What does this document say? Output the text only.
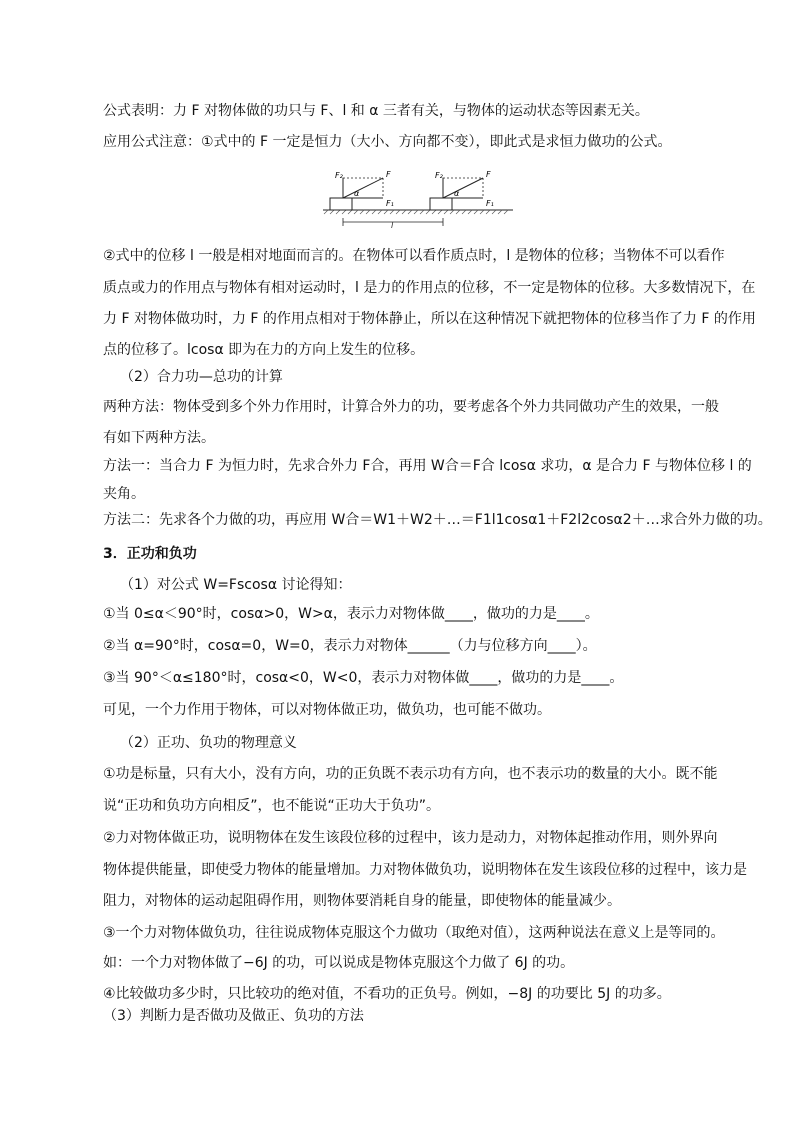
公式表明：力 F 对物体做的功只与 F、l 和 α 三者有关，与物体的运动状态等因素无关。
应用公式注意：①式中的 F 一定是恒力（大小、方向都不变），即此式是求恒力做功的公式。
F₂	F
F₁
α
F₂	F
F₁
α
l
②式中的位移 l 一般是相对地面而言的。在物体可以看作质点时，l 是物体的位移；当物体不可以看作
质点或力的作用点与物体有相对运动时，l 是力的作用点的位移，不一定是物体的位移。大多数情况下，在
力 F 对物体做功时，力 F 的作用点相对于物体静止，所以在这种情况下就把物体的位移当作了力 F 的作用
点的位移了。lcosα 即为在力的方向上发生的位移。
（2）合力功—总功的计算
两种方法：物体受到多个外力作用时，计算合外力的功，要考虑各个外力共同做功产生的效果，一般
有如下两种方法。
方法一：当合力 F 为恒力时，先求合外力 F合，再用 W合＝F合 lcosα 求功，α 是合力 F 与物体位移 l 的
夹角。
方法二：先求各个力做的功，再应用 W合＝W1＋W2＋…＝F1l1cosα1＋F2l2cosα2＋…求合外力做的功。
3．正功和负功
（1）对公式 W=Fscosα 讨论得知：
①当 0≤α＜90°时，cosα>0，W>α，表示力对物体做____，做功的力是____。
②当 α=90°时，cosα=0，W=0，表示力对物体______（力与位移方向____）。
③当 90°＜α≤180°时，cosα<0，W<0，表示力对物体做____，做功的力是____。
可见，一个力作用于物体，可以对物体做正功，做负功，也可能不做功。
（2）正功、负功的物理意义
①功是标量，只有大小，没有方向，功的正负既不表示功有方向，也不表示功的数量的大小。既不能
说“正功和负功方向相反”，也不能说“正功大于负功”。
②力对物体做正功，说明物体在发生该段位移的过程中，该力是动力，对物体起推动作用，则外界向
物体提供能量，即使受力物体的能量增加。力对物体做负功，说明物体在发生该段位移的过程中，该力是
阻力，对物体的运动起阻碍作用，则物体要消耗自身的能量，即使物体的能量减少。
③一个力对物体做负功，往往说成物体克服这个力做功（取绝对值），这两种说法在意义上是等同的。
如：一个力对物体做了−6J 的功，可以说成是物体克服这个力做了 6J 的功。
④比较做功多少时，只比较功的绝对值，不看功的正负号。例如，−8J 的功要比 5J 的功多。
（3）判断力是否做功及做正、负功的方法
